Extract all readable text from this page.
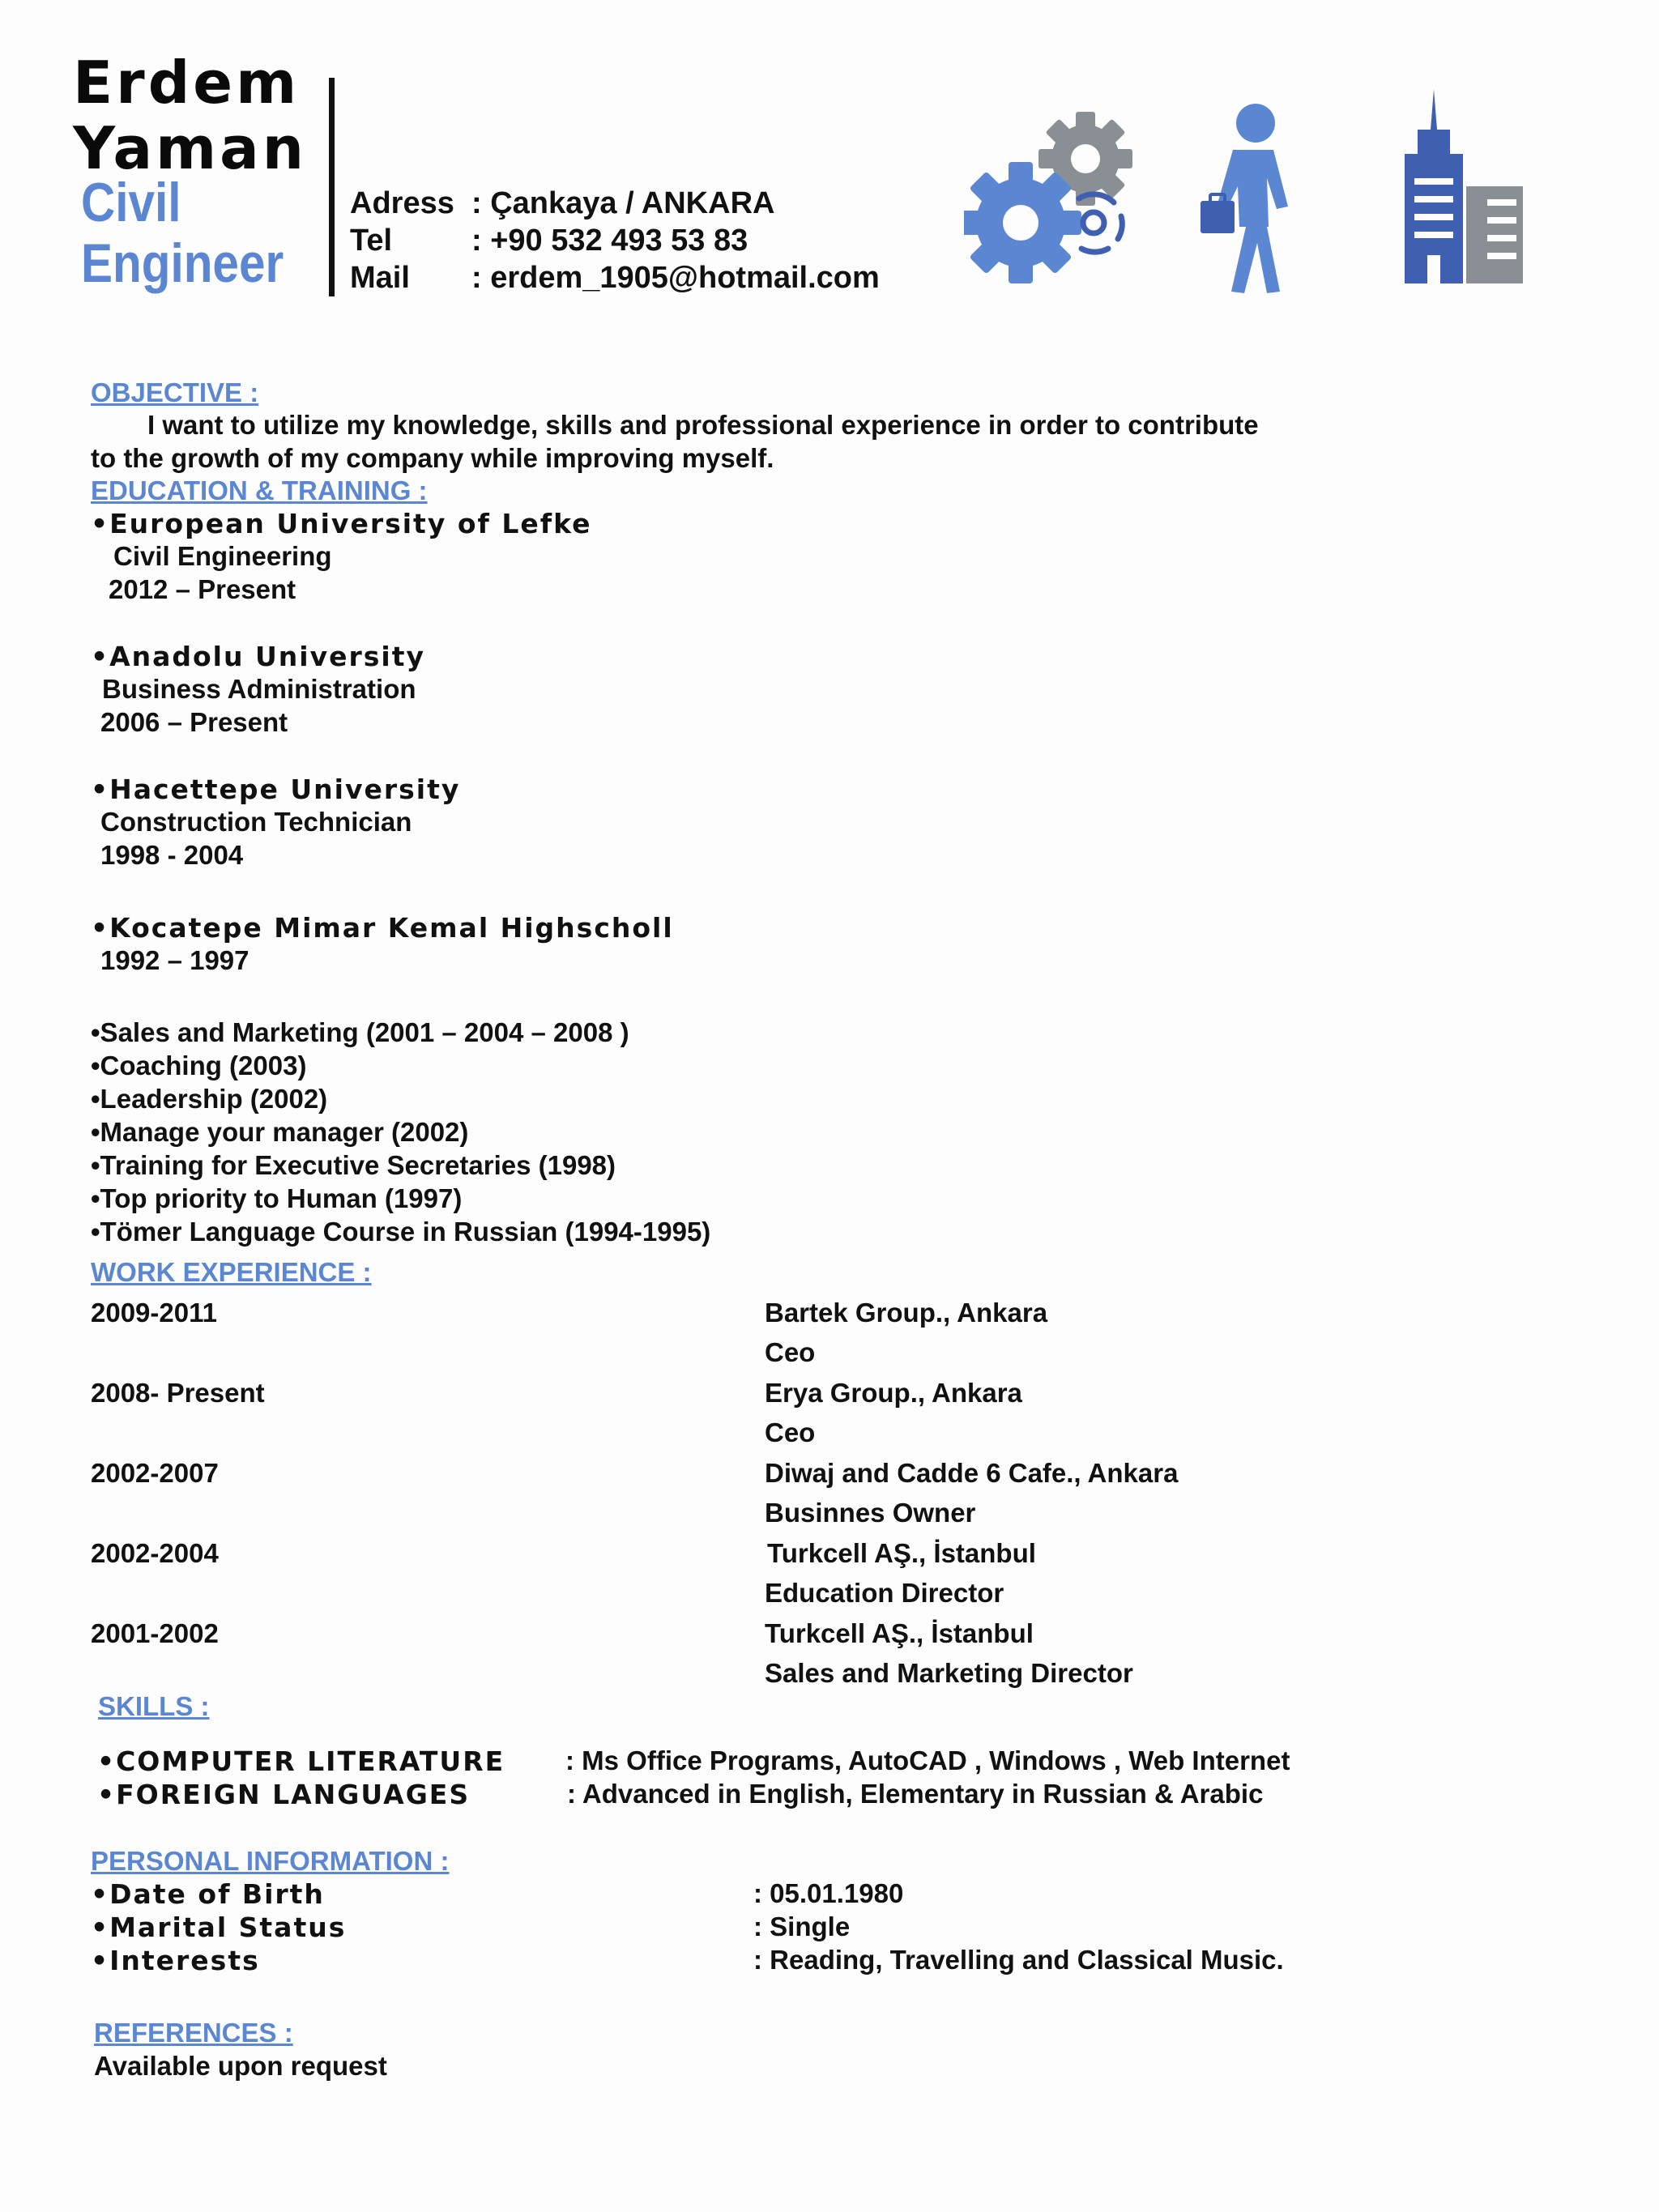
Erdem
Yaman
Civil
Engineer
Adress : Çankaya / ANKARA
Tel	: +90 532 493 53 83
Mail : erdem_1905@hotmail.com
OBJECTIVE :
I want to utilize my knowledge, skills and professional experience in order to contribute
to the growth of my company while improving myself.
EDUCATION & TRAINING :
•European University of Lefke
Civil Engineering
2012 – Present
•Anadolu University
Business Administration
2006 – Present
•Hacettepe University
Construction Technician
1998 - 2004
•Kocatepe Mimar Kemal Highscholl
1992 – 1997
•Sales and Marketing (2001 – 2004 – 2008 )
•Coaching (2003)
•Leadership (2002)
•Manage your manager (2002)
•Training for Executive Secretaries (1998)
•Top priority to Human (1997)
•Tömer Language Course in Russian (1994-1995)
WORK EXPERIENCE :
2009-2011	Bartek Group., Ankara
Ceo
2008- Present	Erya Group., Ankara
Ceo
2002-2007	Diwaj and Cadde 6 Cafe., Ankara
Businnes Owner
2002-2004	Turkcell AŞ., İstanbul
Education Director
2001-2002	Turkcell AŞ., İstanbul
Sales and Marketing Director
SKILLS :
•COMPUTER LITERATURE : Ms Office Programs, AutoCAD , Windows , Web Internet
•FOREIGN LANGUAGES	: Advanced in English, Elementary in Russian & Arabic
PERSONAL INFORMATION :
•Date of Birth	: 05.01.1980
•Marital Status	: Single
•Interests	: Reading, Travelling and Classical Music.
REFERENCES :
Available upon request
